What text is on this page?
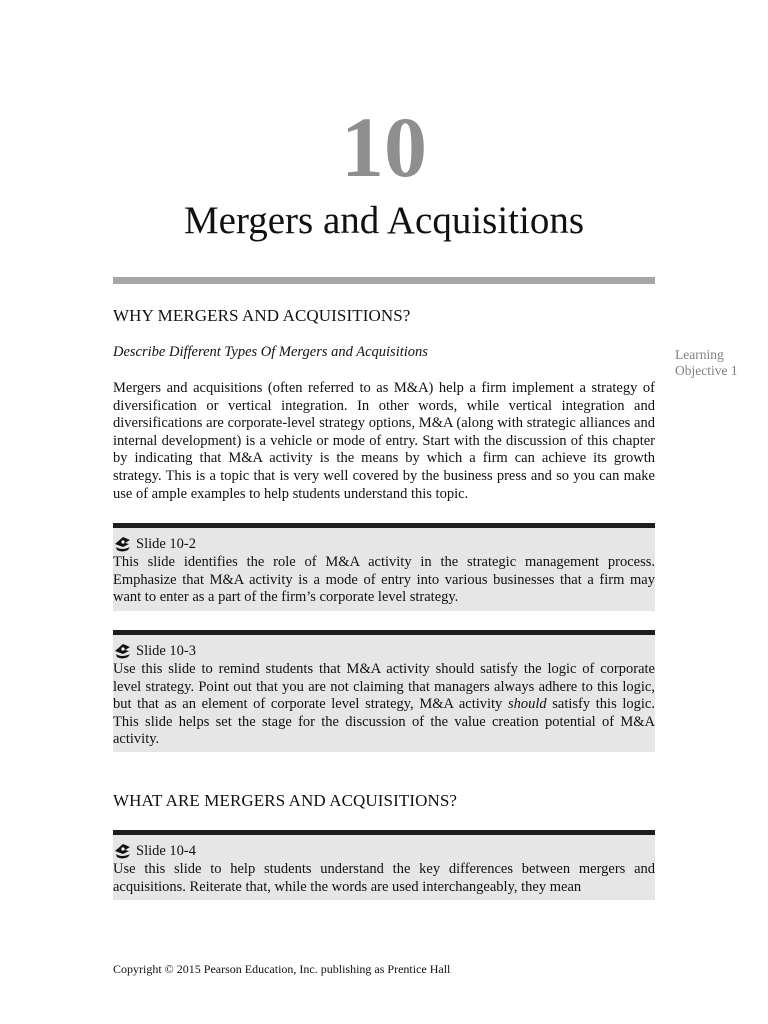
10
Mergers and Acquisitions
WHY MERGERS AND ACQUISITIONS?
Describe Different Types Of Mergers and Acquisitions	Learning Objective 1
Mergers and acquisitions (often referred to as M&A) help a firm implement a strategy of diversification or vertical integration. In other words, while vertical integration and diversifications are corporate-level strategy options, M&A (along with strategic alliances and internal development) is a vehicle or mode of entry. Start with the discussion of this chapter by indicating that M&A activity is the means by which a firm can achieve its growth strategy. This is a topic that is very well covered by the business press and so you can make use of ample examples to help students understand this topic.
Slide 10-2
This slide identifies the role of M&A activity in the strategic management process. Emphasize that M&A activity is a mode of entry into various businesses that a firm may want to enter as a part of the firm’s corporate level strategy.
Slide 10-3
Use this slide to remind students that M&A activity should satisfy the logic of corporate level strategy. Point out that you are not claiming that managers always adhere to this logic, but that as an element of corporate level strategy, M&A activity should satisfy this logic. This slide helps set the stage for the discussion of the value creation potential of M&A activity.
WHAT ARE MERGERS AND ACQUISITIONS?
Slide 10-4
Use this slide to help students understand the key differences between mergers and acquisitions. Reiterate that, while the words are used interchangeably, they mean
Copyright © 2015 Pearson Education, Inc. publishing as Prentice Hall
